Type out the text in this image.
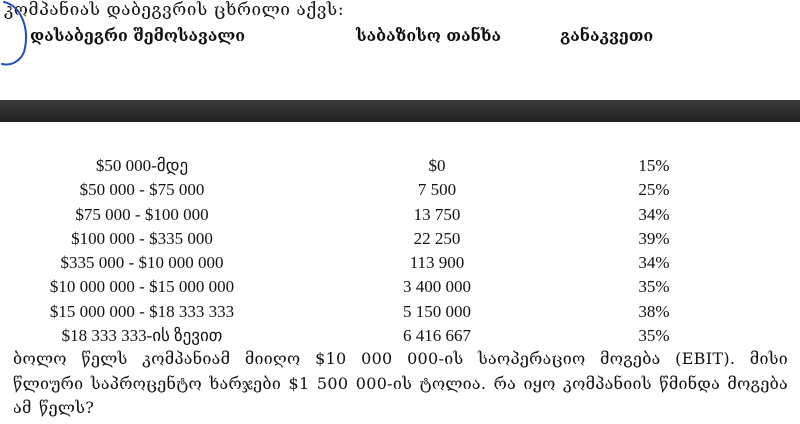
კომპანიას დაბეგვრის ცხრილი აქვს:
დასაბეგრი შემოსავალი	საბაზისო თანხა	განაკვეთი
$50 000-მდე	$0	15%
$50 000 - $75 000	7 500	25%
$75 000 - $100 000	13 750	34%
$100 000 - $335 000	22 250	39%
$335 000 - $10 000 000	113 900	34%
$10 000 000 - $15 000 000	3 400 000	35%
$15 000 000 - $18 333 333	5 150 000	38%
$18 333 333-ის ზევით	6 416 667	35%
ბოლო წელს კომპანიამ მიიღო $10 000 000-ის საოპერაციო მოგება (EBIT). მისი წლიური საპროცენტო ხარჯები $1 500 000-ის ტოლია. რა იყო კომპანიის წმინდა მოგება ამ წელს?
